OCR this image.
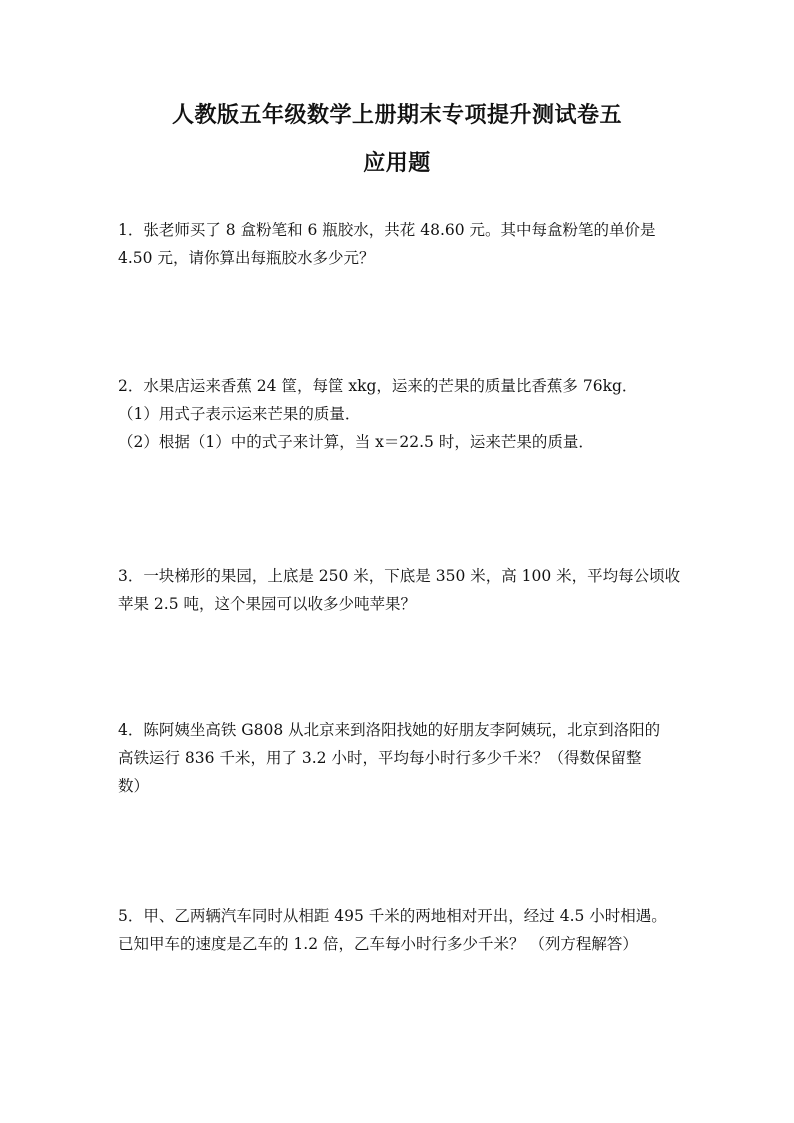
人教版五年级数学上册期末专项提升测试卷五
应用题
1．张老师买了 8 盒粉笔和 6 瓶胶水，共花 48.60 元。其中每盒粉笔的单价是
4.50 元，请你算出每瓶胶水多少元？
2．水果店运来香蕉 24 筐，每筐 xkg，运来的芒果的质量比香蕉多 76kg．
（1）用式子表示运来芒果的质量．
（2）根据（1）中的式子来计算，当 x＝22.5 时，运来芒果的质量．
3．一块梯形的果园，上底是 250 米，下底是 350 米，高 100 米，平均每公顷收
苹果 2.5 吨，这个果园可以收多少吨苹果？
4．陈阿姨坐高铁 G808 从北京来到洛阳找她的好朋友李阿姨玩，北京到洛阳的
高铁运行 836 千米，用了 3.2 小时，平均每小时行多少千米？（得数保留整
数）
5．甲、乙两辆汽车同时从相距 495 千米的两地相对开出，经过 4.5 小时相遇。
已知甲车的速度是乙车的 1.2 倍，乙车每小时行多少千米？ （列方程解答）
